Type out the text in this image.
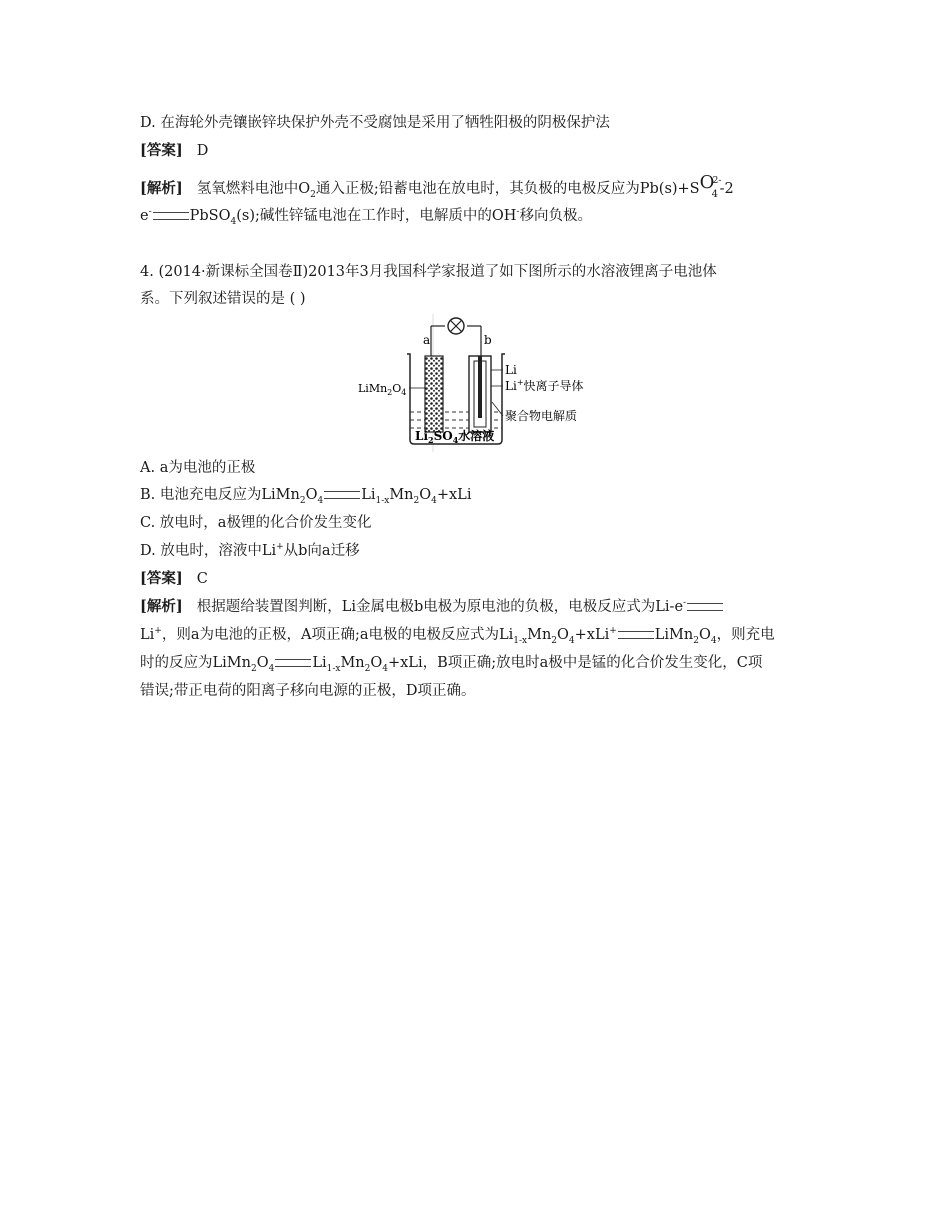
D. 在海轮外壳镶嵌锌块保护外壳不受腐蚀是采用了牺牲阳极的阴极保护法
[答案] D
[解析] 氢氧燃料电池中$O_2$通入正极;铅蓄电池在放电时，其负极的电极反应为Pb(s)+S O
4
2-
-2
e-	PbSO$_4$(s);碱性锌锰电池在工作时，电解质中的OH-移向负极。
4. (2014·新课标全国卷Ⅱ)2013年3月我国科学家报道了如下图所示的水溶液锂离子电池体
系。下列叙述错误的是 ( )
a	b
Li
Li+快离子导体
聚合物电解质
$LiMn_2O_4$
$Li_2SO_4$水溶液
A. a为电池的正极
B. 电池充电反应为$LiMn_2O_4$	$Li_{1-x}Mn_2O_4+xLi$
C. 放电时，a极锂的化合价发生变化
D. 放电时，溶液中Li+从b向a迁移
[答案] C
[解析] 根据题给装置图判断，Li金属电极b电极为原电池的负极，电极反应式为Li-e-
Li+，则a为电池的正极，A项正确;a电极的电极反应式为$Li_{1-x}Mn_2O_4+xLi^+$	$LiMn_2O_4$，则充电
时的反应为$LiMn_2O_4$	$Li_{1-x}Mn_2O_4+xLi$，B项正确;放电时a极中是锰的化合价发生变化，C项
错误;带正电荷的阳离子移向电源的正极，D项正确。
